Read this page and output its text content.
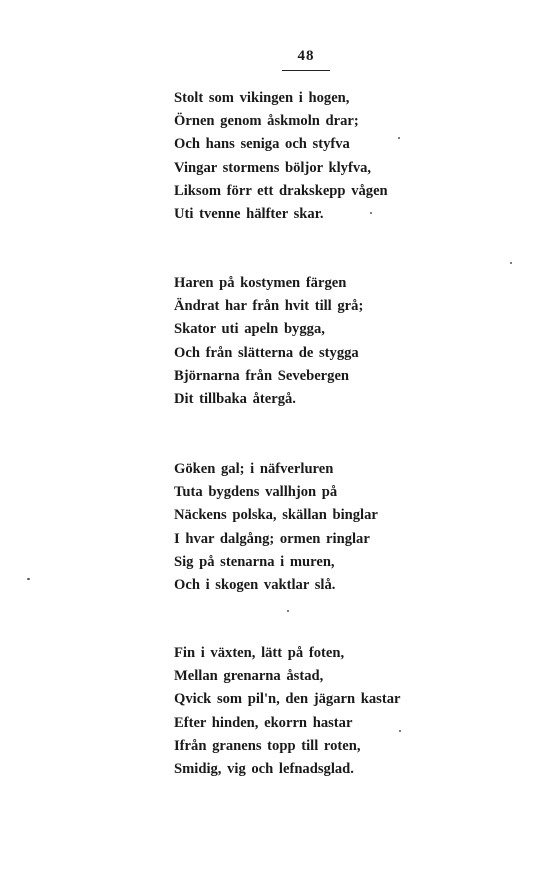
48
Stolt som vikingen i hogen,
Örnen genom åskmoln drar;
Och hans seniga och styfva
Vingar stormens böljor klyfva,
Liksom förr ett drakskepp vågen
Uti tvenne hälfter skar.
Haren på kostymen färgen
Ändrat har från hvit till grå;
Skator uti apeln bygga,
Och från slätterna de stygga
Björnarna från Sevebergen
Dit tillbaka återgå.
Göken gal; i näfverluren
Tuta bygdens vallhjon på
Näckens polska, skällan binglar
I hvar dalgång; ormen ringlar
Sig på stenarna i muren,
Och i skogen vaktlar slå.
Fin i växten, lätt på foten,
Mellan grenarna åstad,
Qvick som pil'n, den jägarn kastar
Efter hinden, ekorrn hastar
Ifrån granens topp till roten,
Smidig, vig och lefnadsglad.
